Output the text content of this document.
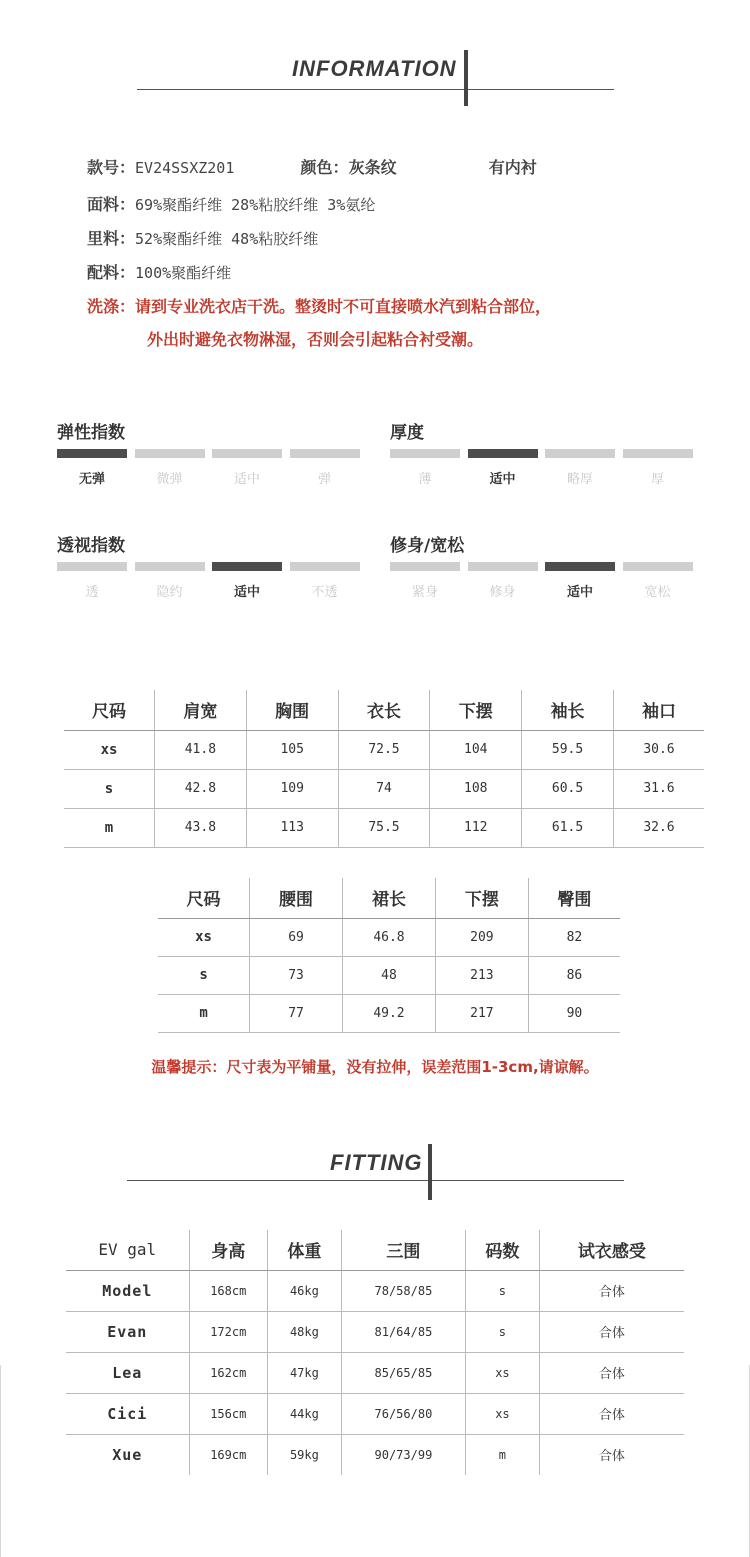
INFORMATION
款号：EV24SSXZ201	颜色：灰条纹	有内衬
面料：69%聚酯纤维 28%粘胶纤维 3%氨纶
里料：52%聚酯纤维 48%粘胶纤维
配料：100%聚酯纤维
洗涤：请到专业洗衣店干洗。整烫时不可直接喷水汽到粘合部位，
外出时避免衣物淋湿，否则会引起粘合衬受潮。
弹性指数
无弹	微弹	适中	弹
厚度
薄	适中	略厚	厚
透视指数
透	隐约	适中	不透
修身/宽松
紧身	修身	适中	宽松
尺码	肩宽	胸围	衣长	下摆	袖长	袖口
xs	41.8	105	72.5	104	59.5	30.6
s	42.8	109	74	108	60.5	31.6
m	43.8	113	75.5	112	61.5	32.6
尺码	腰围	裙长	下摆	臀围
xs	69	46.8	209	82
s	73	48	213	86
m	77	49.2	217	90
温馨提示：尺寸表为平铺量，没有拉伸，误差范围1-3cm,请谅解。
FITTING
EV gal	身高	体重	三围	码数	试衣感受
Model	168cm	46kg	78/58/85	s	合体
Evan	172cm	48kg	81/64/85	s	合体
Lea	162cm	47kg	85/65/85	xs	合体
Cici	156cm	44kg	76/56/80	xs	合体
Xue	169cm	59kg	90/73/99	m	合体
